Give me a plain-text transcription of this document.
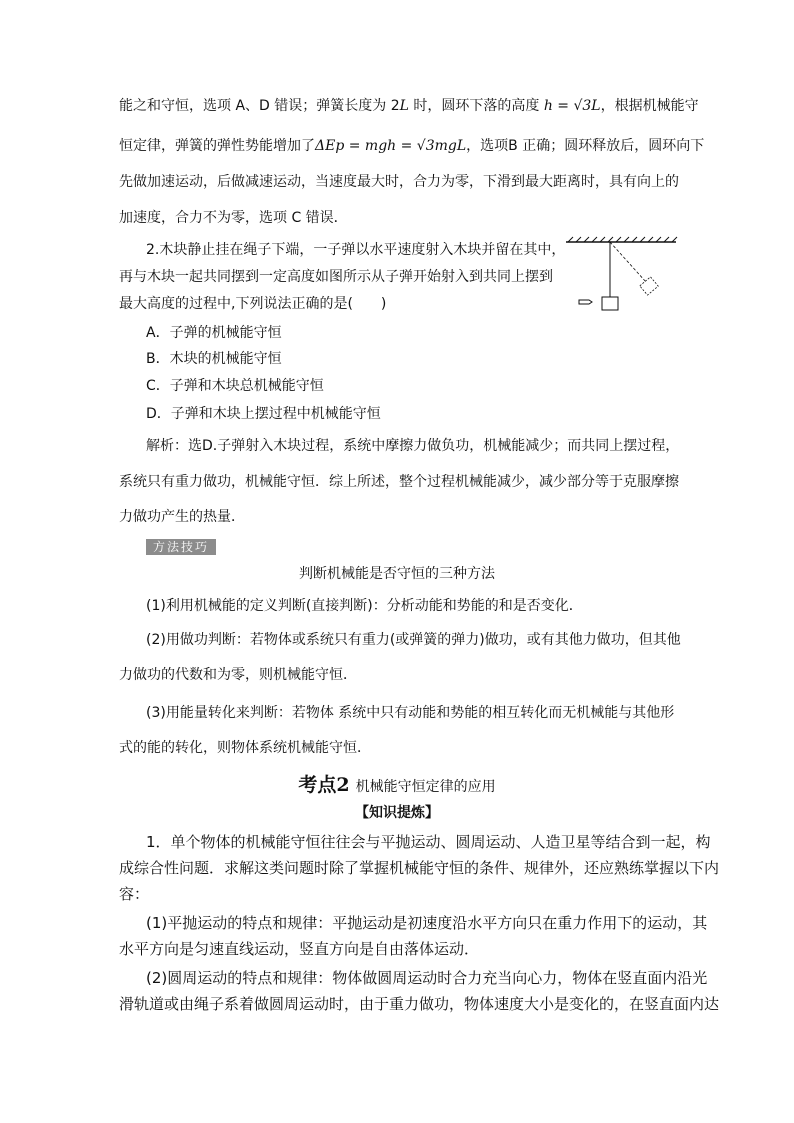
能之和守恒，选项 A、D 错误；弹簧长度为 2L 时，圆环下落的高度 h = √3L，根据机械能守
恒定律，弹簧的弹性势能增加了ΔEp = mgh = √3mgL，选项B 正确；圆环释放后，圆环向下
先做加速运动，后做减速运动，当速度最大时，合力为零，下滑到最大距离时，具有向上的
加速度，合力不为零，选项 C 错误．
2.木块静止挂在绳子下端，一子弹以水平速度射入木块并留在其中，
再与木块一起共同摆到一定高度如图所示从子弹开始射入到共同上摆到
最大高度的过程中,下列说法正确的是(　　)
A．子弹的机械能守恒
B．木块的机械能守恒
C．子弹和木块总机械能守恒
D．子弹和木块上摆过程中机械能守恒
解析：选D.子弹射入木块过程，系统中摩擦力做负功，机械能减少；而共同上摆过程，
系统只有重力做功，机械能守恒．综上所述，整个过程机械能减少，减少部分等于克服摩擦
力做功产生的热量．
方法技巧
判断机械能是否守恒的三种方法
(1)利用机械能的定义判断(直接判断)：分析动能和势能的和是否变化．
(2)用做功判断：若物体或系统只有重力(或弹簧的弹力)做功，或有其他力做功，但其他
力做功的代数和为零，则机械能守恒．
(3)用能量转化来判断：若物体 系统中只有动能和势能的相互转化而无机械能与其他形
式的能的转化，则物体系统机械能守恒．
考点2 机械能守恒定律的应用
【知识提炼】
1．单个物体的机械能守恒往往会与平抛运动、圆周运动、人造卫星等结合到一起，构
成综合性问题．求解这类问题时除了掌握机械能守恒的条件、规律外，还应熟练掌握以下内
容：
(1)平抛运动的特点和规律：平抛运动是初速度沿水平方向只在重力作用下的运动，其
水平方向是匀速直线运动，竖直方向是自由落体运动．
(2)圆周运动的特点和规律：物体做圆周运动时合力充当向心力，物体在竖直面内沿光
滑轨道或由绳子系着做圆周运动时，由于重力做功，物体速度大小是变化的，在竖直面内达
